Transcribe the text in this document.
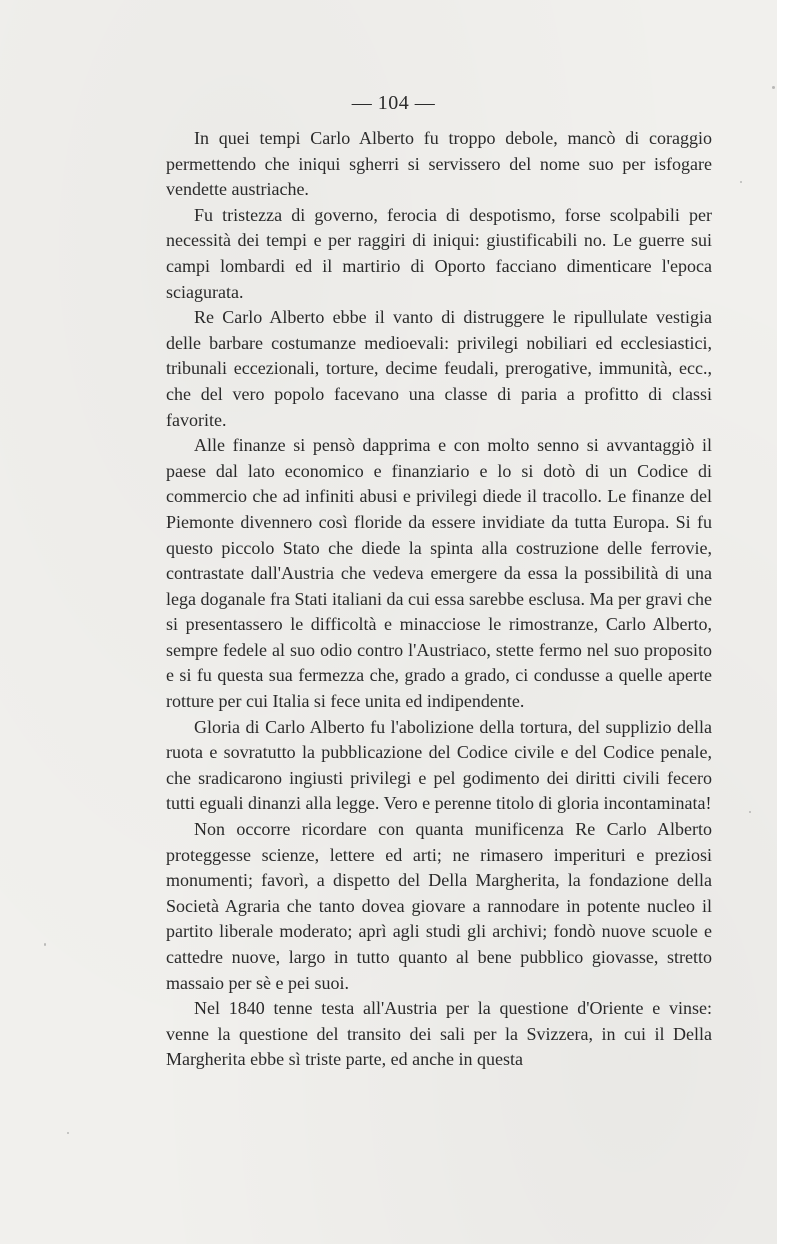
— 104 —

In quei tempi Carlo Alberto fu troppo debole, mancò di coraggio permettendo che iniqui sgherri si servissero del nome suo per isfogare vendette austriache.

Fu tristezza di governo, ferocia di despotismo, forse scolpabili per necessità dei tempi e per raggiri di iniqui: giustificabili no. Le guerre sui campi lombardi ed il martirio di Oporto facciano dimenticare l'epoca sciagurata.

Re Carlo Alberto ebbe il vanto di distruggere le ripullulate vestigia delle barbare costumanze medioevali: privilegi nobiliari ed ecclesiastici, tribunali eccezionali, torture, decime feudali, prerogative, immunità, ecc., che del vero popolo facevano una classe di paria a profitto di classi favorite.

Alle finanze si pensò dapprima e con molto senno si avvantaggiò il paese dal lato economico e finanziario e lo si dotò di un Codice di commercio che ad infiniti abusi e privilegi diede il tracollo. Le finanze del Piemonte divennero così floride da essere invidiate da tutta Europa. Si fu questo piccolo Stato che diede la spinta alla costruzione delle ferrovie, contrastate dall'Austria che vedeva emergere da essa la possibilità di una lega doganale fra Stati italiani da cui essa sarebbe esclusa. Ma per gravi che si presentassero le difficoltà e minacciose le rimostranze, Carlo Alberto, sempre fedele al suo odio contro l'Austriaco, stette fermo nel suo proposito e si fu questa sua fermezza che, grado a grado, ci condusse a quelle aperte rotture per cui Italia si fece unita ed indipendente.

Gloria di Carlo Alberto fu l'abolizione della tortura, del supplizio della ruota e sovratutto la pubblicazione del Codice civile e del Codice penale, che sradicarono ingiusti privilegi e pel godimento dei diritti civili fecero tutti eguali dinanzi alla legge. Vero e perenne titolo di gloria incontaminata!

Non occorre ricordare con quanta munificenza Re Carlo Alberto proteggesse scienze, lettere ed arti; ne rimasero imperituri e preziosi monumenti; favorì, a dispetto del Della Margherita, la fondazione della Società Agraria che tanto dovea giovare a rannodare in potente nucleo il partito liberale moderato; aprì agli studi gli archivi; fondò nuove scuole e cattedre nuove, largo in tutto quanto al bene pubblico giovasse, stretto massaio per sè e pei suoi.

Nel 1840 tenne testa all'Austria per la questione d'Oriente e vinse: venne la questione del transito dei sali per la Svizzera, in cui il Della Margherita ebbe sì triste parte, ed anche in questa
